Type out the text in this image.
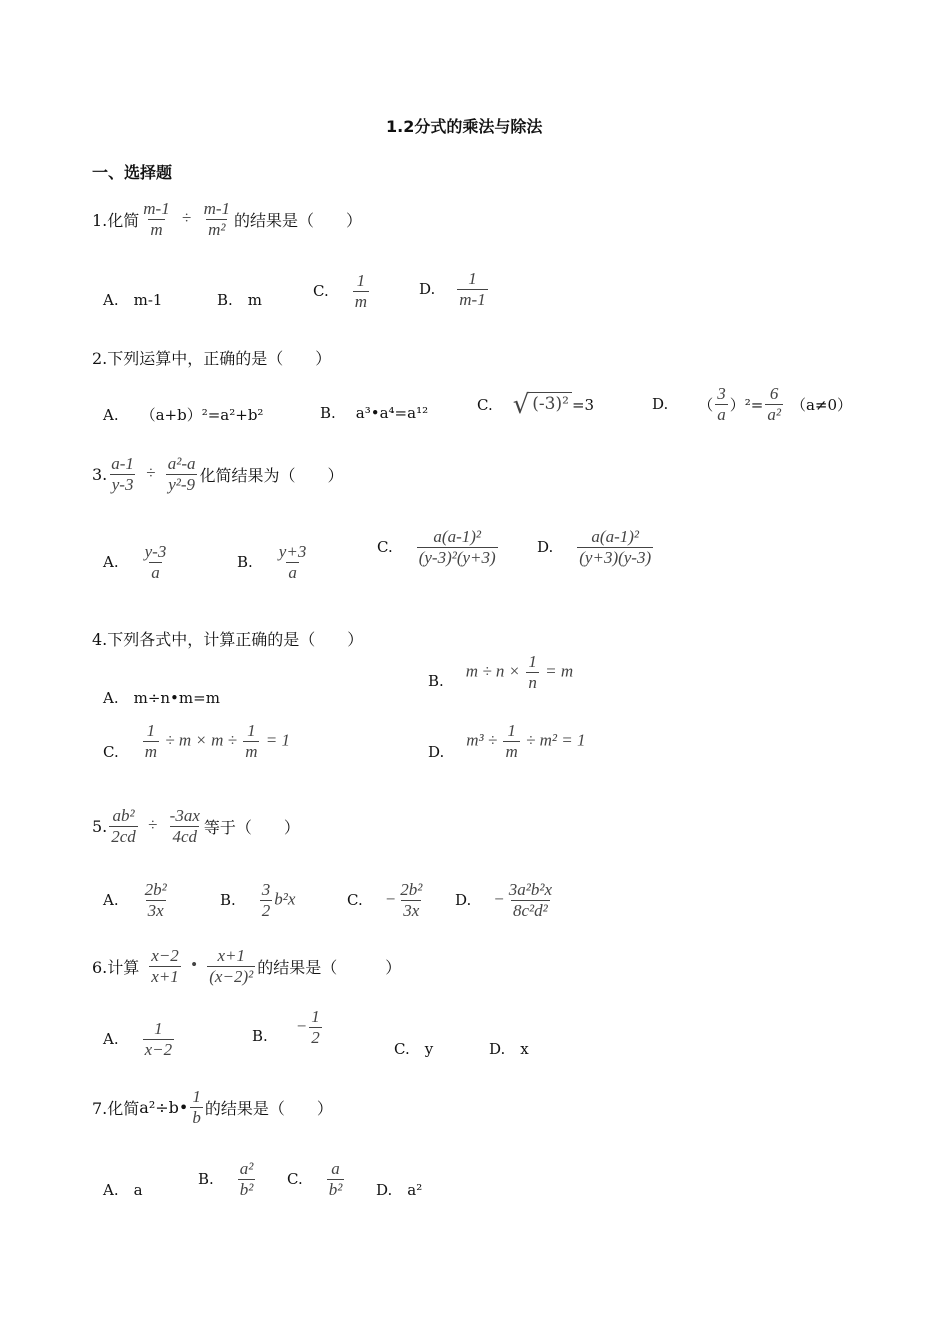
1.2分式的乘法与除法
一、选择题
1.化简 $\frac{m-1}{m} \div \frac{m-1}{\text{m²}}$ 的结果是（　　）
A.　m-1	B.　m	C. $\frac{1}{m}$	D. $\frac{1}{m-1}$
2.下列运算中，正确的是（　　）
A. （a+b）²=a²+b²	B. a³•a⁴=a¹²	C. √ (-3)² =3	D. （ $\frac{3}{a} )^2= \frac{6}{\text{a²}} (a\ne 0)$
3. $\frac{a-1}{y-3} \div \frac{\text{a²-a}}{\text{y²-9}}$ 化简结果为（　　）
A. $\frac{y-3}{a}$	B. $\frac{y+3}{a}$	C. $\frac{\text{a(a-1)²}}{\text{(y-3)²(y+3)}}$	D. $\frac{\text{a(a-1)²}}{(y+3)(y-3)}$
4.下列各式中，计算正确的是（　　）
A.　m÷n•m=m
B.
$m \div n \times \frac{1}{n} = m$
C. $\frac{1}{m} \div m \times m \div \frac{1}{m} = 1$
D.
$m^3 \div \frac{1}{m} \div m^2 = 1$
5. $\frac{\text{ab²}}{2cd} \div \frac{-3ax}{4cd}$ 等于（　　）
A. $\frac{\text{2b²}}{3x}$	B. $\frac{3}{2} b^2x$	C. − $\frac{\text{2b²}}{3x} D$. − $\frac{\text{3a²b²x}}{\text{8c²d²}}$
6.计算 $\frac{x-2}{x+1}$ • $\frac{x+1}{\text{(x−2)²}}$ 的结果是（　　　）
A. $\frac{1}{x-2}$	B.
− $\frac{1}{2}$
C.　y	D.　x
7.化简 a²÷b• $\frac{1}{b}$ 的结果是（　　）
A.　a
B. $\frac{\text{a²}}{\text{b²}} C$. $\frac{a}{\text{b²}} D$.　a²
